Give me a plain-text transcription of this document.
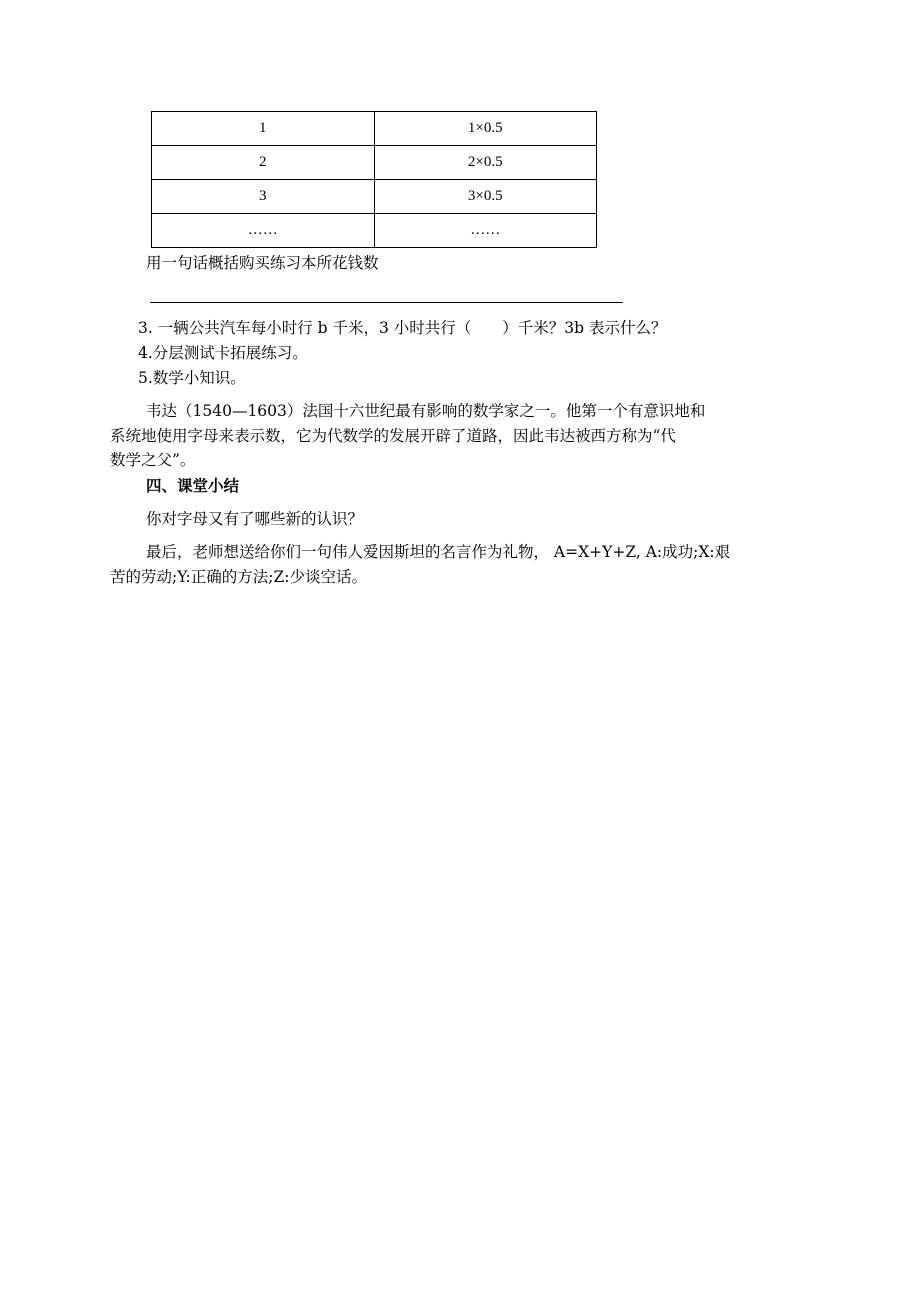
1	1×0.5
2	2×0.5
3	3×0.5
……	……
用一句话概括购买练习本所花钱数
3. 一辆公共汽车每小时行 b 千米，3 小时共行（　　）千米？3b 表示什么？
4.分层测试卡拓展练习。
5.数学小知识。
韦达（1540—1603）法国十六世纪最有影响的数学家之一。他第一个有意识地和
系统地使用字母来表示数，它为代数学的发展开辟了道路，因此韦达被西方称为“代
数学之父”。
四、课堂小结
你对字母又有了哪些新的认识？
最后，老师想送给你们一句伟人爱因斯坦的名言作为礼物， A=X+Y+Z, A:成功;X:艰
苦的劳动;Y:正确的方法;Z:少谈空话。
